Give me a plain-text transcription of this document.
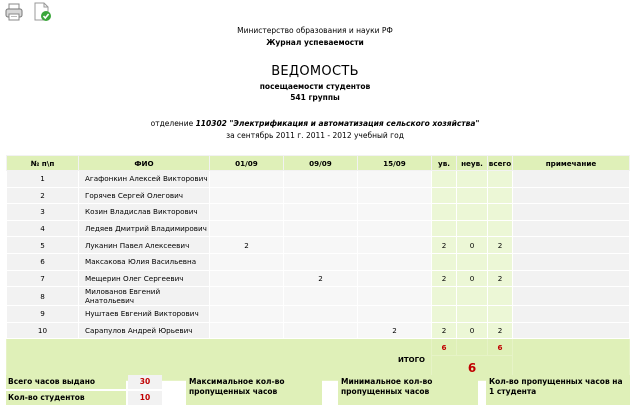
Министерство образования и науки РФ
Журнал успеваемости
ВЕДОМОСТЬ
посещаемости студентов
541 группы
отделение 110302 "Электрификация и автоматизация сельского хозяйства"
за сентябрь 2011 г. 2011 - 2012 учебный год
№ п\п	ФИО	01/09	09/09	15/09	ув.	неув.	всего	примечание
1	Агафонкин Алексей Викторович							
2	Горячев Сергей Олегович							
3	Козин Владислав Викторович							
4	Ледяев Дмитрий Владимирович							
5	Луканин Павел Алексеевич	2			2	0	2	
6	Максакова Юлия Васильевна							
7	Мещерин Олег Сергеевич		2		2	0	2	
8	Милованов Евгений Анатольевич							
9	Нуштаев Евгений Викторович							
10	Сарапулов Андрей Юрьевич			2	2	0	2	
ИТОГО					6		6	
					6			
Всего часов выдано	30
Кол-во студентов	10
Максимальное кол-во пропущенных часов
Минимальное кол-во пропущенных часов
Кол-во пропущенных часов на 1 студента
